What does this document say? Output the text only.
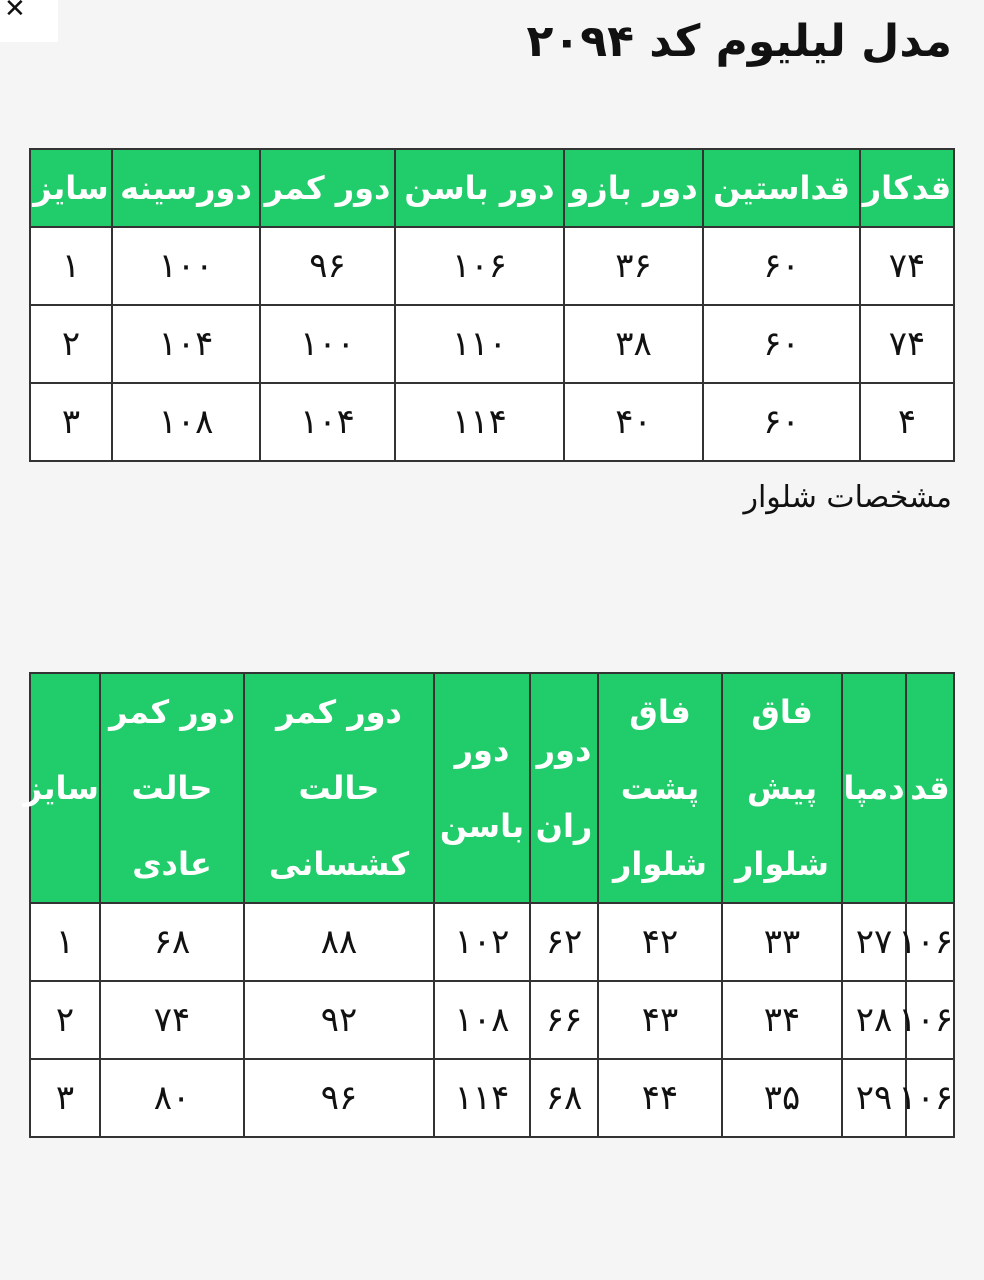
✕
مدل لیلیوم کد ۲۰۹۴
قدکار	قداستین	دور بازو	دور باسن	دور کمر	دورسینه	سایز
۷۴	۶۰	۳۶	۱۰۶	۹۶	۱۰۰	۱
۷۴	۶۰	۳۸	۱۱۰	۱۰۰	۱۰۴	۲
۴	۶۰	۴۰	۱۱۴	۱۰۴	۱۰۸	۳
مشخصات شلوار
قد	دمپا	فاق پیش شلوار	فاق پشت شلوار	دور ران	دور باسن	دور کمر حالت کشسانی	دور کمر حالت عادی	سایز
۱۰۶	۲۷	۳۳	۴۲	۶۲	۱۰۲	۸۸	۶۸	۱
۱۰۶	۲۸	۳۴	۴۳	۶۶	۱۰۸	۹۲	۷۴	۲
۱۰۶	۲۹	۳۵	۴۴	۶۸	۱۱۴	۹۶	۸۰	۳
